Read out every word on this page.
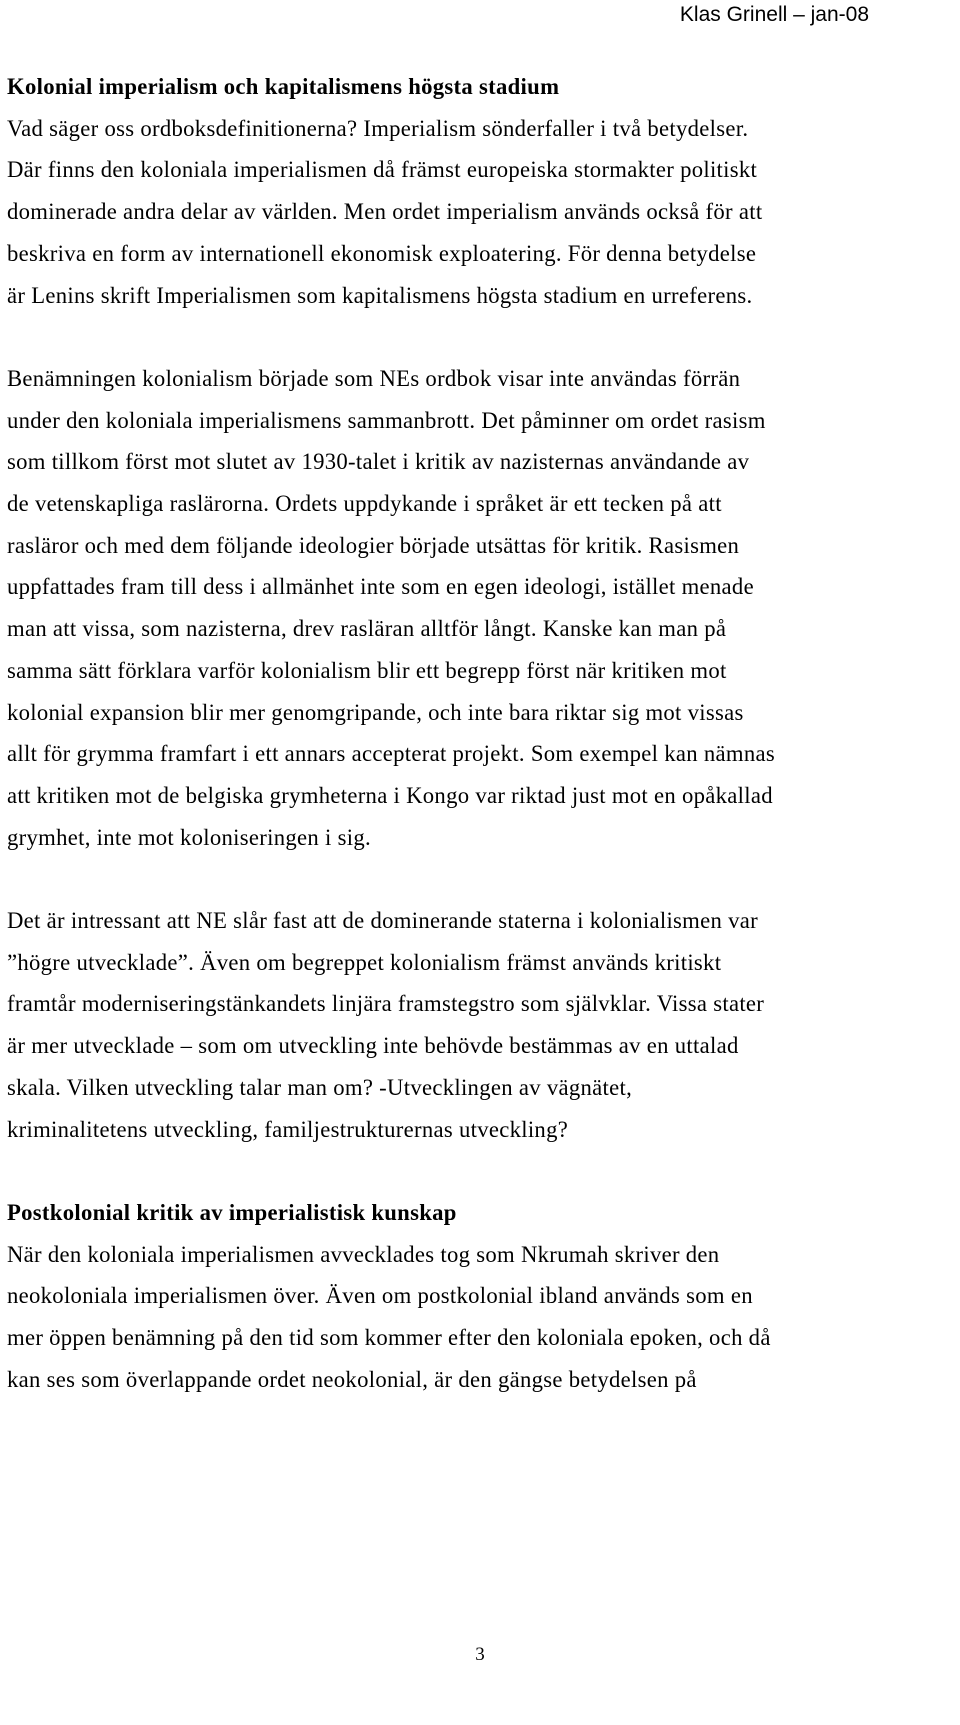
Klas Grinell – jan-08
Kolonial imperialism och kapitalismens högsta stadium
Vad säger oss ordboksdefinitionerna? Imperialism sönderfaller i två betydelser.
Där finns den koloniala imperialismen då främst europeiska stormakter politiskt
dominerade andra delar av världen. Men ordet imperialism används också för att
beskriva en form av internationell ekonomisk exploatering. För denna betydelse
är Lenins skrift Imperialismen som kapitalismens högsta stadium en urreferens.
Benämningen kolonialism började som NEs ordbok visar inte användas förrän
under den koloniala imperialismens sammanbrott. Det påminner om ordet rasism
som tillkom först mot slutet av 1930-talet i kritik av nazisternas användande av
de vetenskapliga raslärorna. Ordets uppdykande i språket är ett tecken på att
rasläror och med dem följande ideologier började utsättas för kritik. Rasismen
uppfattades fram till dess i allmänhet inte som en egen ideologi, istället menade
man att vissa, som nazisterna, drev rasläran alltför långt. Kanske kan man på
samma sätt förklara varför kolonialism blir ett begrepp först när kritiken mot
kolonial expansion blir mer genomgripande, och inte bara riktar sig mot vissas
allt för grymma framfart i ett annars accepterat projekt. Som exempel kan nämnas
att kritiken mot de belgiska grymheterna i Kongo var riktad just mot en opåkallad
grymhet, inte mot koloniseringen i sig.
Det är intressant att NE slår fast att de dominerande staterna i kolonialismen var
”högre utvecklade”. Även om begreppet kolonialism främst används kritiskt
framtår moderniseringstänkandets linjära framstegstro som självklar. Vissa stater
är mer utvecklade – som om utveckling inte behövde bestämmas av en uttalad
skala. Vilken utveckling talar man om? -Utvecklingen av vägnätet,
kriminalitetens utveckling, familjestrukturernas utveckling?
Postkolonial kritik av imperialistisk kunskap
När den koloniala imperialismen avvecklades tog som Nkrumah skriver den
neokoloniala imperialismen över. Även om postkolonial ibland används som en
mer öppen benämning på den tid som kommer efter den koloniala epoken, och då
kan ses som överlappande ordet neokolonial, är den gängse betydelsen på
3
